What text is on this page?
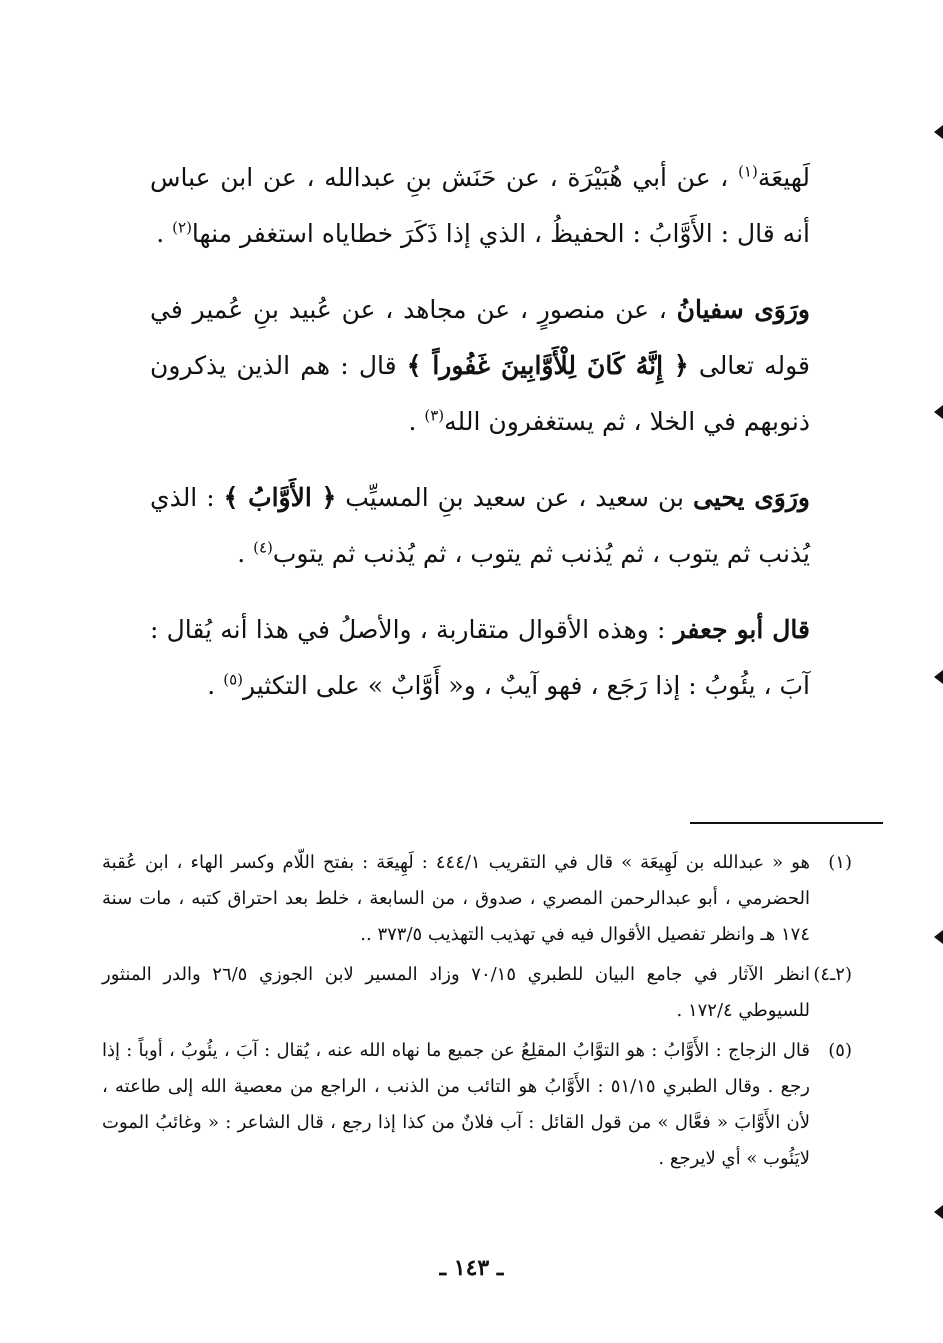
لَهيعَة$^{(١)}$ ، عن أبي هُبَيْرَة ، عن حَنَش بنِ عبدالله ، عن ابن عباس أنه قال : الأَوَّابُ : الحفيظُ ، الذي إذا ذَكَرَ خطاياه استغفر منها$^{(٢)}$ .

ورَوَى سفيانُ ، عن منصورٍ ، عن مجاهد ، عن عُبيد بنِ عُمير في قوله تعالى ﴿ إِنَّهُ كَانَ لِلْأَوَّابِينَ غَفُوراً ﴾ قال : هم الذين يذكرون ذنوبهم في الخلا ، ثم يستغفرون الله$^{(٣)}$ .

ورَوَى يحيى بن سعيد ، عن سعيد بنِ المسيِّب ﴿ الأَوَّابُ ﴾ : الذي يُذنب ثم يتوب ، ثم يُذنب ثم يتوب ، ثم يُذنب ثم يتوب$^{(٤)}$ .

قال أبو جعفر : وهذه الأقوال متقاربة ، والأصلُ في هذا أنه يُقال : آبَ ، يئُوبُ : إذا رَجَع ، فهو آيبٌ ، و« أَوَّابٌ » على التكثير$^{(٥)}$ .

(١)
هو « عبدالله بن لَهِيعَة » قال في التقريب ٤٤٤/١ : لَهِيعَة : بفتح اللّام وكسر الهاء ، ابن عُقبة الحضرمي ، أبو عبدالرحمن المصري ، صدوق ، من السابعة ، خلط بعد احتراق كتبه ، مات سنة ١٧٤ هـ وانظر تفصيل الأقوال فيه في تهذيب التهذيب ٣٧٣/٥ ..
(٢ـ٤)
انظر الآثار في جامع البيان للطبري ٧٠/١٥ وزاد المسير لابن الجوزي ٢٦/٥ والدر المنثور للسيوطي ١٧٢/٤ .
(٥)
قال الزجاج : الأَوَّابُ : هو التوَّابُ المقلِعُ عن جميع ما نهاه الله عنه ، يُقال : آبَ ، يئُوبُ ، أوباً : إذا رجع . وقال الطبري ٥١/١٥ : الأَوَّابُ هو التائب من الذنب ، الراجع من معصية الله إلى طاعته ، لأن الأَوَّابَ « فعَّال » من قول القائل : آب فلانٌ من كذا إذا رجع ، قال الشاعر : « وغائبُ الموت لايَئُوب » أي لايرجع .
ـ ١٤٣ ـ
